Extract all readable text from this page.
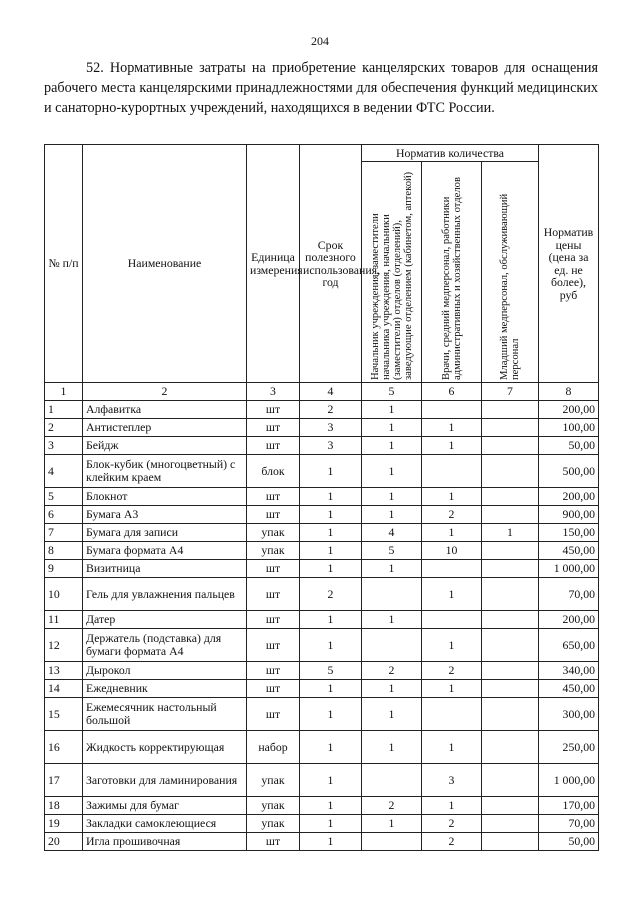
204
52. Нормативные затраты на приобретение канцелярских товаров для оснащения рабочего места канцелярскими принадлежностями для обеспечения функций медицинских и санаторно-курортных учреждений, находящихся в ведении ФТС России.
№ п/п	Наименование	Единица измерения	Срок полезного использования, год	Норматив количества			Норматив цены (цена за ед. не более), руб

				Начальник учреждения, заместители начальника учреждения, начальники (заместители) отделов (отделений), заведующие отделением (кабинетом, аптекой)	Врачи, средний медперсонал, работники административных и хозяйственных отделов	Младший медперсонал, обслуживающий персонал	

1	2	3	4	5	6	7	8
1	Алфавитка	шт	2	1			200,00
2	Антистеплер	шт	3	1	1		100,00
3	Бейдж	шт	3	1	1		50,00
4	Блок-кубик (многоцветный) с клейким краем	блок	1	1			500,00
5	Блокнот	шт	1	1	1		200,00
6	Бумага А3	шт	1	1	2		900,00
7	Бумага для записи	упак	1	4	1	1	150,00
8	Бумага формата А4	упак	1	5	10		450,00
9	Визитница	шт	1	1			1 000,00
10	Гель для увлажнения пальцев	шт	2		1		70,00
11	Датер	шт	1	1			200,00
12	Держатель (подставка) для бумаги формата А4	шт	1		1		650,00
13	Дырокол	шт	5	2	2		340,00
14	Ежедневник	шт	1	1	1		450,00
15	Ежемесячник настольный большой	шт	1	1			300,00
16	Жидкость корректирующая	набор	1	1	1		250,00
17	Заготовки для ламинирования	упак	1		3		1 000,00
18	Зажимы для бумаг	упак	1	2	1		170,00
19	Закладки самоклеющиеся	упак	1	1	2		70,00
20	Игла прошивочная	шт	1		2		50,00
